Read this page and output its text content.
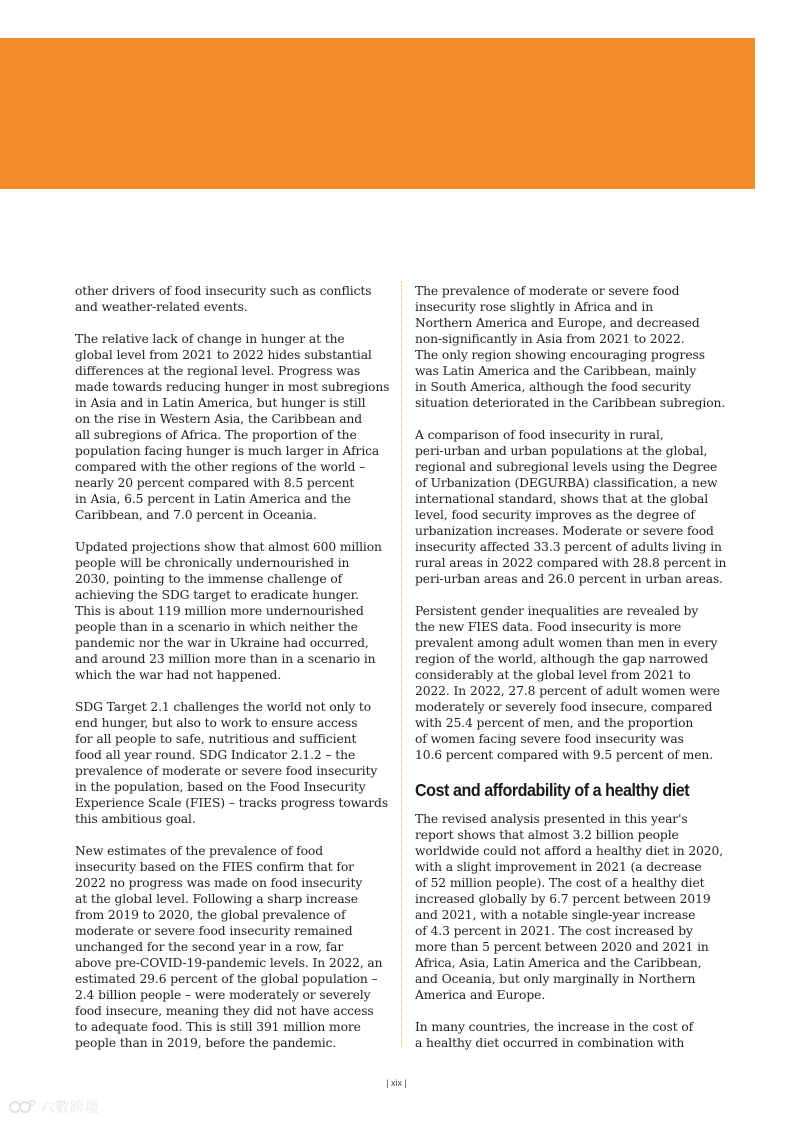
other drivers of food insecurity such as conflicts
and weather-related events.

The relative lack of change in hunger at the
global level from 2021 to 2022 hides substantial
differences at the regional level. Progress was
made towards reducing hunger in most subregions
in Asia and in Latin America, but hunger is still
on the rise in Western Asia, the Caribbean and
all subregions of Africa. The proportion of the
population facing hunger is much larger in Africa
compared with the other regions of the world –
nearly 20 percent compared with 8.5 percent
in Asia, 6.5 percent in Latin America and the
Caribbean, and 7.0 percent in Oceania.

Updated projections show that almost 600 million
people will be chronically undernourished in
2030, pointing to the immense challenge of
achieving the SDG target to eradicate hunger.
This is about 119 million more undernourished
people than in a scenario in which neither the
pandemic nor the war in Ukraine had occurred,
and around 23 million more than in a scenario in
which the war had not happened.

SDG Target 2.1 challenges the world not only to
end hunger, but also to work to ensure access
for all people to safe, nutritious and sufficient
food all year round. SDG Indicator 2.1.2 – the
prevalence of moderate or severe food insecurity
in the population, based on the Food Insecurity
Experience Scale (FIES) – tracks progress towards
this ambitious goal.

New estimates of the prevalence of food
insecurity based on the FIES confirm that for
2022 no progress was made on food insecurity
at the global level. Following a sharp increase
from 2019 to 2020, the global prevalence of
moderate or severe food insecurity remained
unchanged for the second year in a row, far
above pre-COVID-19-pandemic levels. In 2022, an
estimated 29.6 percent of the global population –
2.4 billion people – were moderately or severely
food insecure, meaning they did not have access
to adequate food. This is still 391 million more
people than in 2019, before the pandemic.

The prevalence of moderate or severe food
insecurity rose slightly in Africa and in
Northern America and Europe, and decreased
non-significantly in Asia from 2021 to 2022.
The only region showing encouraging progress
was Latin America and the Caribbean, mainly
in South America, although the food security
situation deteriorated in the Caribbean subregion.

A comparison of food insecurity in rural,
peri-urban and urban populations at the global,
regional and subregional levels using the Degree
of Urbanization (DEGURBA) classification, a new
international standard, shows that at the global
level, food security improves as the degree of
urbanization increases. Moderate or severe food
insecurity affected 33.3 percent of adults living in
rural areas in 2022 compared with 28.8 percent in
peri-urban areas and 26.0 percent in urban areas.

Persistent gender inequalities are revealed by
the new FIES data. Food insecurity is more
prevalent among adult women than men in every
region of the world, although the gap narrowed
considerably at the global level from 2021 to
2022. In 2022, 27.8 percent of adult women were
moderately or severely food insecure, compared
with 25.4 percent of men, and the proportion
of women facing severe food insecurity was
10.6 percent compared with 9.5 percent of men.

Cost and affordability of a healthy diet

The revised analysis presented in this year's
report shows that almost 3.2 billion people
worldwide could not afford a healthy diet in 2020,
with a slight improvement in 2021 (a decrease
of 52 million people). The cost of a healthy diet
increased globally by 6.7 percent between 2019
and 2021, with a notable single-year increase
of 4.3 percent in 2021. The cost increased by
more than 5 percent between 2020 and 2021 in
Africa, Asia, Latin America and the Caribbean,
and Oceania, but only marginally in Northern
America and Europe.

In many countries, the increase in the cost of
a healthy diet occurred in combination with

| xix |
六數跨境
